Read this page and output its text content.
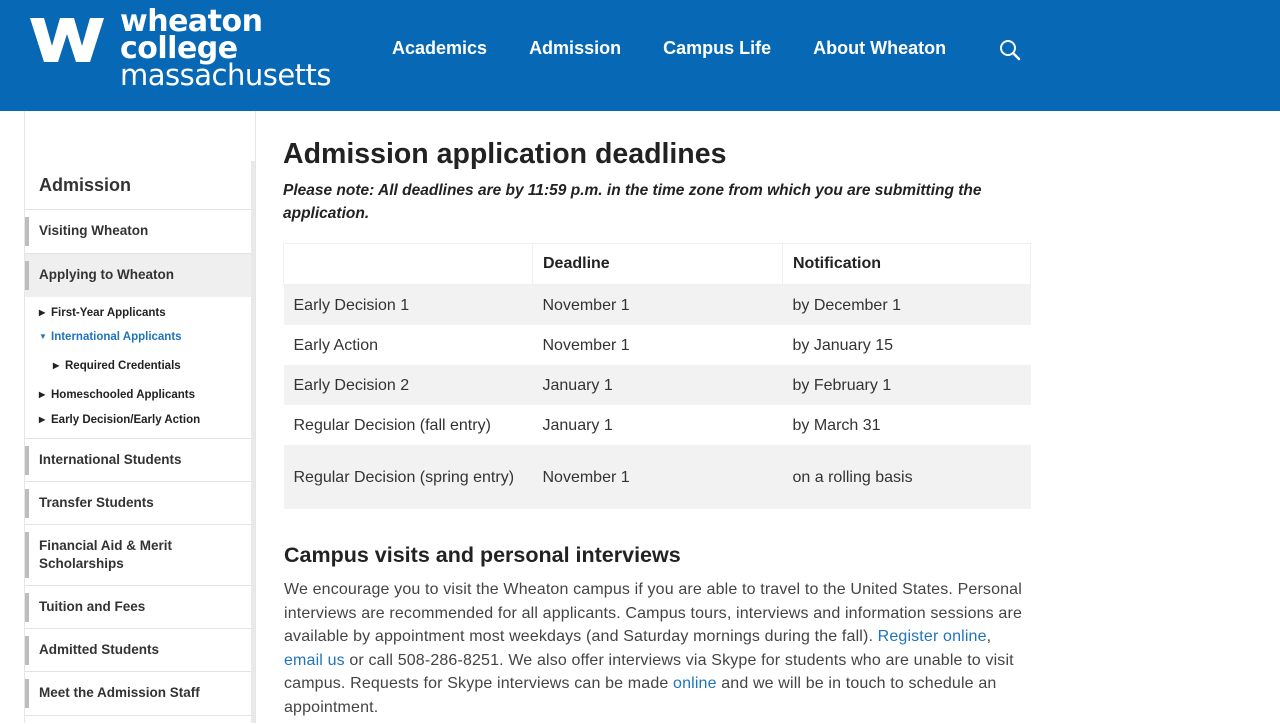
wheaton
college
massachusetts
Academics Admission Campus Life About Wheaton
Admission
Visiting Wheaton
Applying to Wheaton
▶ First-Year Applicants
▼ International Applicants
▶ Required Credentials
▶ Homeschooled Applicants
▶ Early Decision/Early Action
International Students
Transfer Students
Financial Aid & Merit Scholarships
Tuition and Fees
Admitted Students
Meet the Admission Staff
Admission application deadlines
Please note: All deadlines are by 11:59 p.m. in the time zone from which you are submitting the application.
	Deadline	Notification
Early Decision 1	November 1	by December 1
Early Action	November 1	by January 15
Early Decision 2	January 1	by February 1
Regular Decision (fall entry)	January 1	by March 31
Regular Decision (spring entry)	November 1	on a rolling basis
Campus visits and personal interviews

We encourage you to visit the Wheaton campus if you are able to travel to the United States. Personal interviews are recommended for all applicants. Campus tours, interviews and information sessions are available by appointment most weekdays (and Saturday mornings during the fall). Register online, email us or call 508-286-8251. We also offer interviews via Skype for students who are unable to visit campus. Requests for Skype interviews can be made online and we will be in touch to schedule an appointment.
